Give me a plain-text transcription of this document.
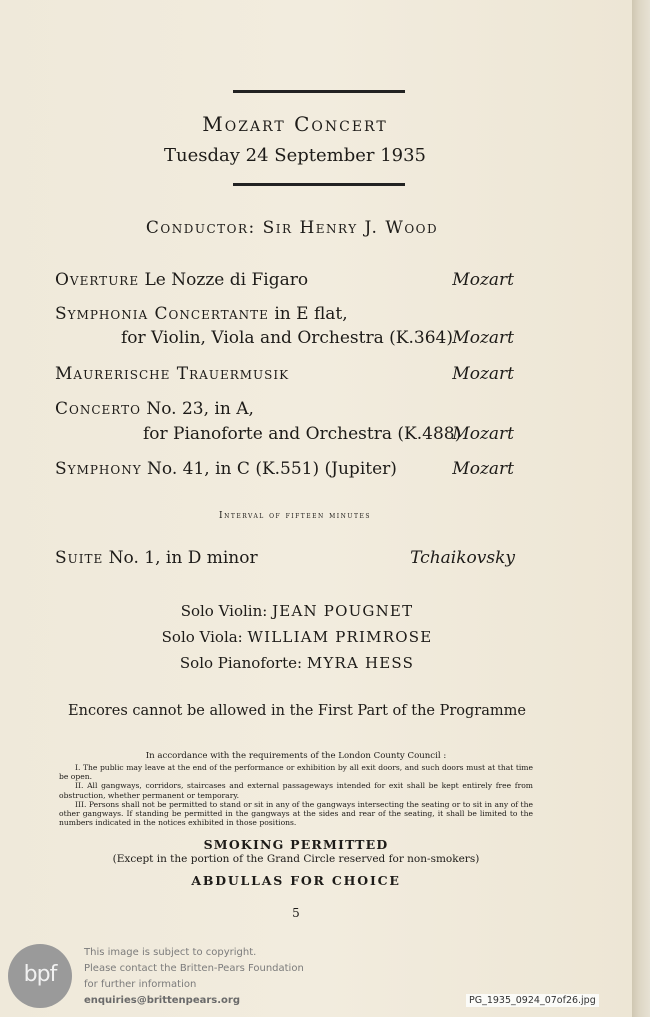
Mozart Concert
Tuesday 24 September 1935
Conductor: Sir Henry J. Wood
Overture Le Nozze di Figaro	Mozart
Symphonia Concertante in E flat,
for Violin, Viola and Orchestra (K.364) Mozart
Maurerische Trauermusik	Mozart
Concerto No. 23, in A,
for Pianoforte and Orchestra (K.488)
Mozart
Symphony No. 41, in C (K.551) (Jupiter)	Mozart
Interval of fifteen minutes
Suite No. 1, in D minor	Tchaikovsky
Solo Violin: JEAN POUGNET
Solo Viola: WILLIAM PRIMROSE
Solo Pianoforte: MYRA HESS
Encores cannot be allowed in the First Part of the Programme
In accordance with the requirements of the London County Council :

I. The public may leave at the end of the performance or exhibition by all exit doors, and such doors must at that time be open.

II. All gangways, corridors, staircases and external passageways intended for exit shall be kept entirely free from obstruction, whether permanent or temporary.

III. Persons shall not be permitted to stand or sit in any of the gangways intersecting the seating or to sit in any of the other gangways. If standing be permitted in the gangways at the sides and rear of the seating, it shall be limited to the numbers indicated in the notices exhibited in those positions.

SMOKING PERMITTED
(Except in the portion of the Grand Circle reserved for non-smokers)
ABDULLAS FOR CHOICE
5
bpf
This image is subject to copyright.
Please contact the Britten-Pears Foundation
for further information
enquiries@brittenpears.org	PG_1935_0924_07of26.jpg
